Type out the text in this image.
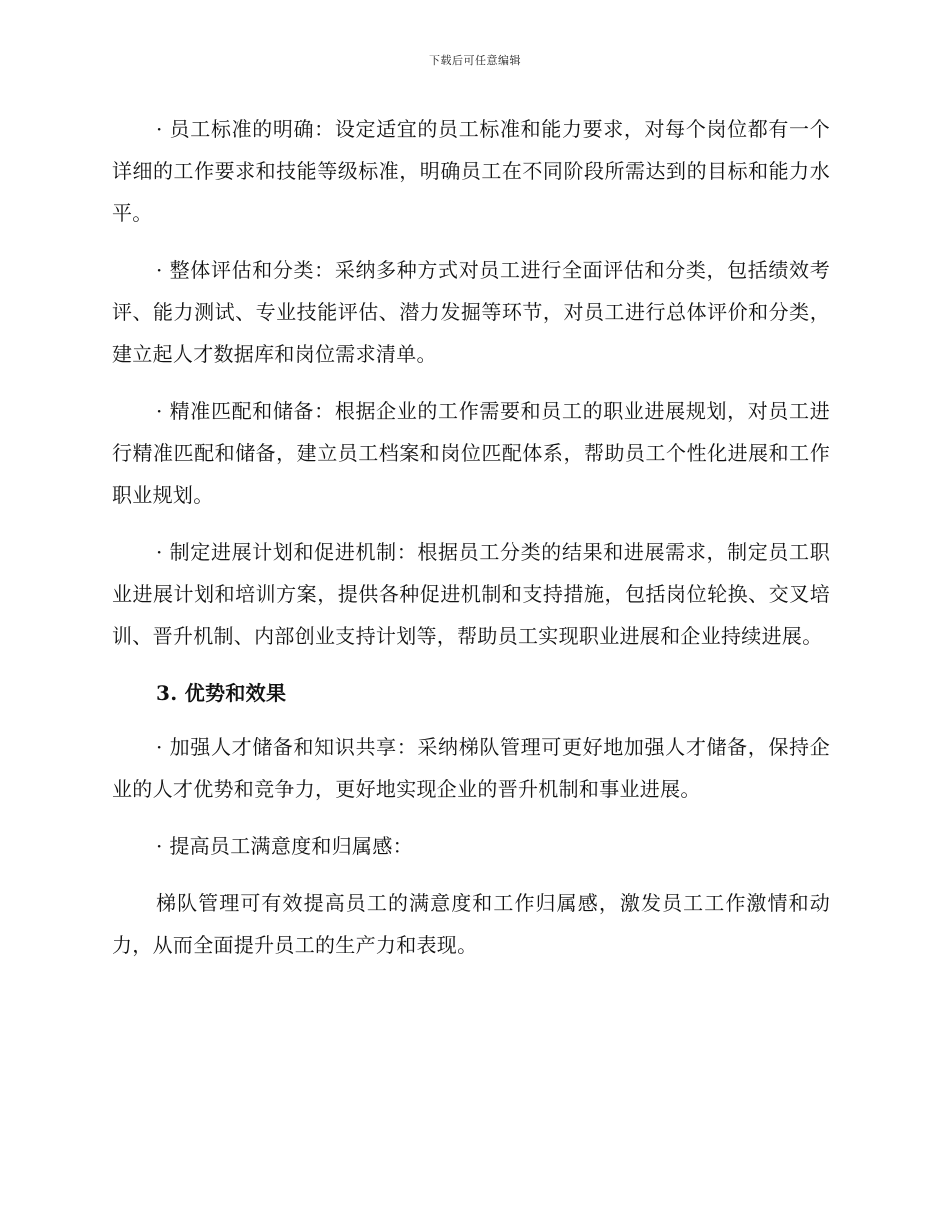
下载后可任意编辑

· 员工标准的明确：设定适宜的员工标准和能力要求，对每个岗位都有一个详细的工作要求和技能等级标准，明确员工在不同阶段所需达到的目标和能力水平。

· 整体评估和分类：采纳多种方式对员工进行全面评估和分类，包括绩效考评、能力测试、专业技能评估、潜力发掘等环节，对员工进行总体评价和分类，建立起人才数据库和岗位需求清单。

· 精准匹配和储备：根据企业的工作需要和员工的职业进展规划，对员工进行精准匹配和储备，建立员工档案和岗位匹配体系，帮助员工个性化进展和工作职业规划。

· 制定进展计划和促进机制：根据员工分类的结果和进展需求，制定员工职业进展计划和培训方案，提供各种促进机制和支持措施，包括岗位轮换、交叉培训、晋升机制、内部创业支持计划等，帮助员工实现职业进展和企业持续进展。

3. 优势和效果

· 加强人才储备和知识共享：采纳梯队管理可更好地加强人才储备，保持企业的人才优势和竞争力，更好地实现企业的晋升机制和事业进展。

· 提高员工满意度和归属感：

梯队管理可有效提高员工的满意度和工作归属感，激发员工工作激情和动力，从而全面提升员工的生产力和表现。
